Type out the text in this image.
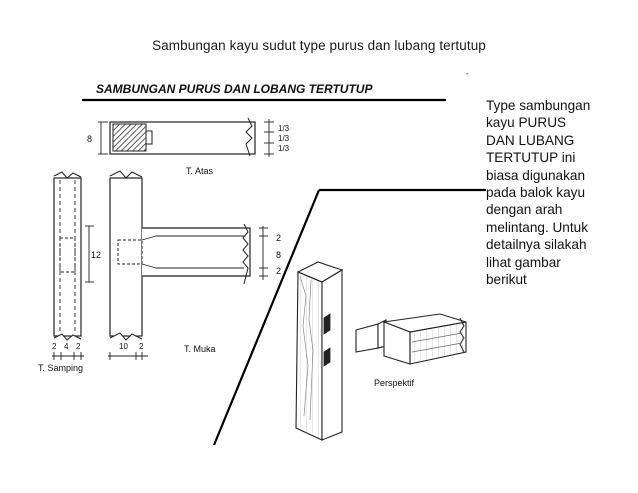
Sambungan kayu sudut type purus dan lubang tertutup
SAMBUNGAN PURUS DAN LOBANG TERTUTUP
-
8
1/3
1/3
1/3
T. Atas
12
2 4 2
T. Samping
2
8
2
10 2	T. Muka
Perspektif
Type sambungan
kayu PURUS
DAN LUBANG
TERTUTUP ini
biasa digunakan
pada balok kayu
dengan arah
melintang. Untuk
detailnya silakah
lihat gambar
berikut
